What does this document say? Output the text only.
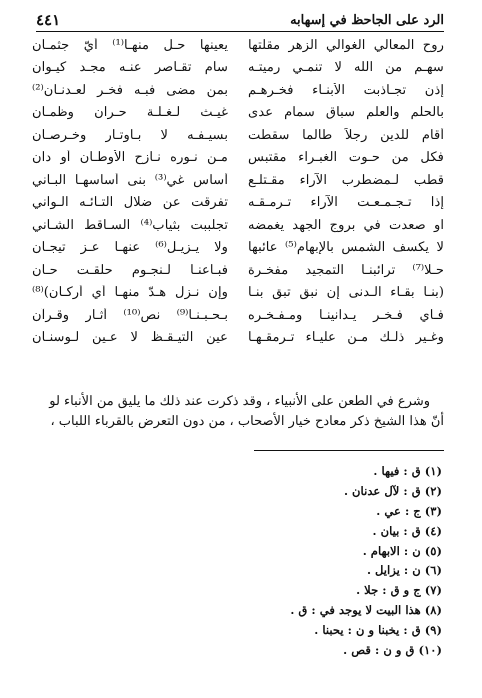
الرد على الجاحظ في إسهابه
٤٤١
روح المعالي الغوالي الزهر مقلتها
يعينها حـل منهـا⁽¹⁾ أيّ جثمـان
سهـم من الله لا تنمـي رميتـه
سام تقـاصر عنـه مجـد كيـوان
إذن تجـاذبت الأبنـاء فخـرهـم
بمن مضى فبـه فخـر لعـدنـان⁽²⁾
بالحلم والعلم سباق سمام عدى
غيـث لـغـلـة حـران وظمـان
أقام للدين رجلاً طالما سقطت
بسيـفـه لا بـأوتـار وخـرصـان
فكل من حـوت الغبـراء مقتبس
مـن نـوره نـازح الأوطـان أو دان
قطب لـمضطرب الآراء مقـتلـع
أساس غي⁽³⁾ بنى أساسهـا البـاني
إذا تـجـمـعـت الآراء تـرمـقـه
تفرقت عن ضلال التـائـه الـواني
او صعدت في بروج الجهد يغمضه
تجلببت بثياب⁽⁴⁾ السـاقط الشـاني
لا يكسف الشمس بالإبهام⁽⁵⁾ عائبها
ولا يـزيـل⁽⁶⁾ عنهـا عـز تيجـان
حـلا⁽⁷⁾ ترائبنـا التمجيد مفخـرة
فبـاعنـا لـنجـوم حلقـت حـان
(بنـا بقـاء الـدنى إن نبق تبق بنـا
وإن نـزل هـدّ منهـا أي أركـان)⁽⁸⁾
فـاي فـخـر يـدانينـا ومـفـخـره
بـحـبـنـا⁽⁹⁾ نص⁽¹⁰⁾ أثـار وقـرآن
وغـير ذلـك مـن عليـاء تـرمقـهـا
عين التيـقـظ لا عـين لـوسنـان
وشرع في الطعن على الأنبياء ، وقد ذكرت عند ذلك ما يليق من الأنباء لو
أنّ هذا الشيخ ذكر معادح خيار الأصحاب ، من دون التعرض بالقرباء اللباب ،
(١) ق : فيها .
(٢) ق : لآل عدنان .
(٣) ج : عي .
(٤) ق : بيان .
(٥) ن : الابهام .
(٦) ن : يزايل .
(٧) ج و ق : جلا .
(٨) هذا البيت لا يوجد في : ق .
(٩) ق : يخبنا و ن : يحبنا .
(١٠) ق و ن : قص .
